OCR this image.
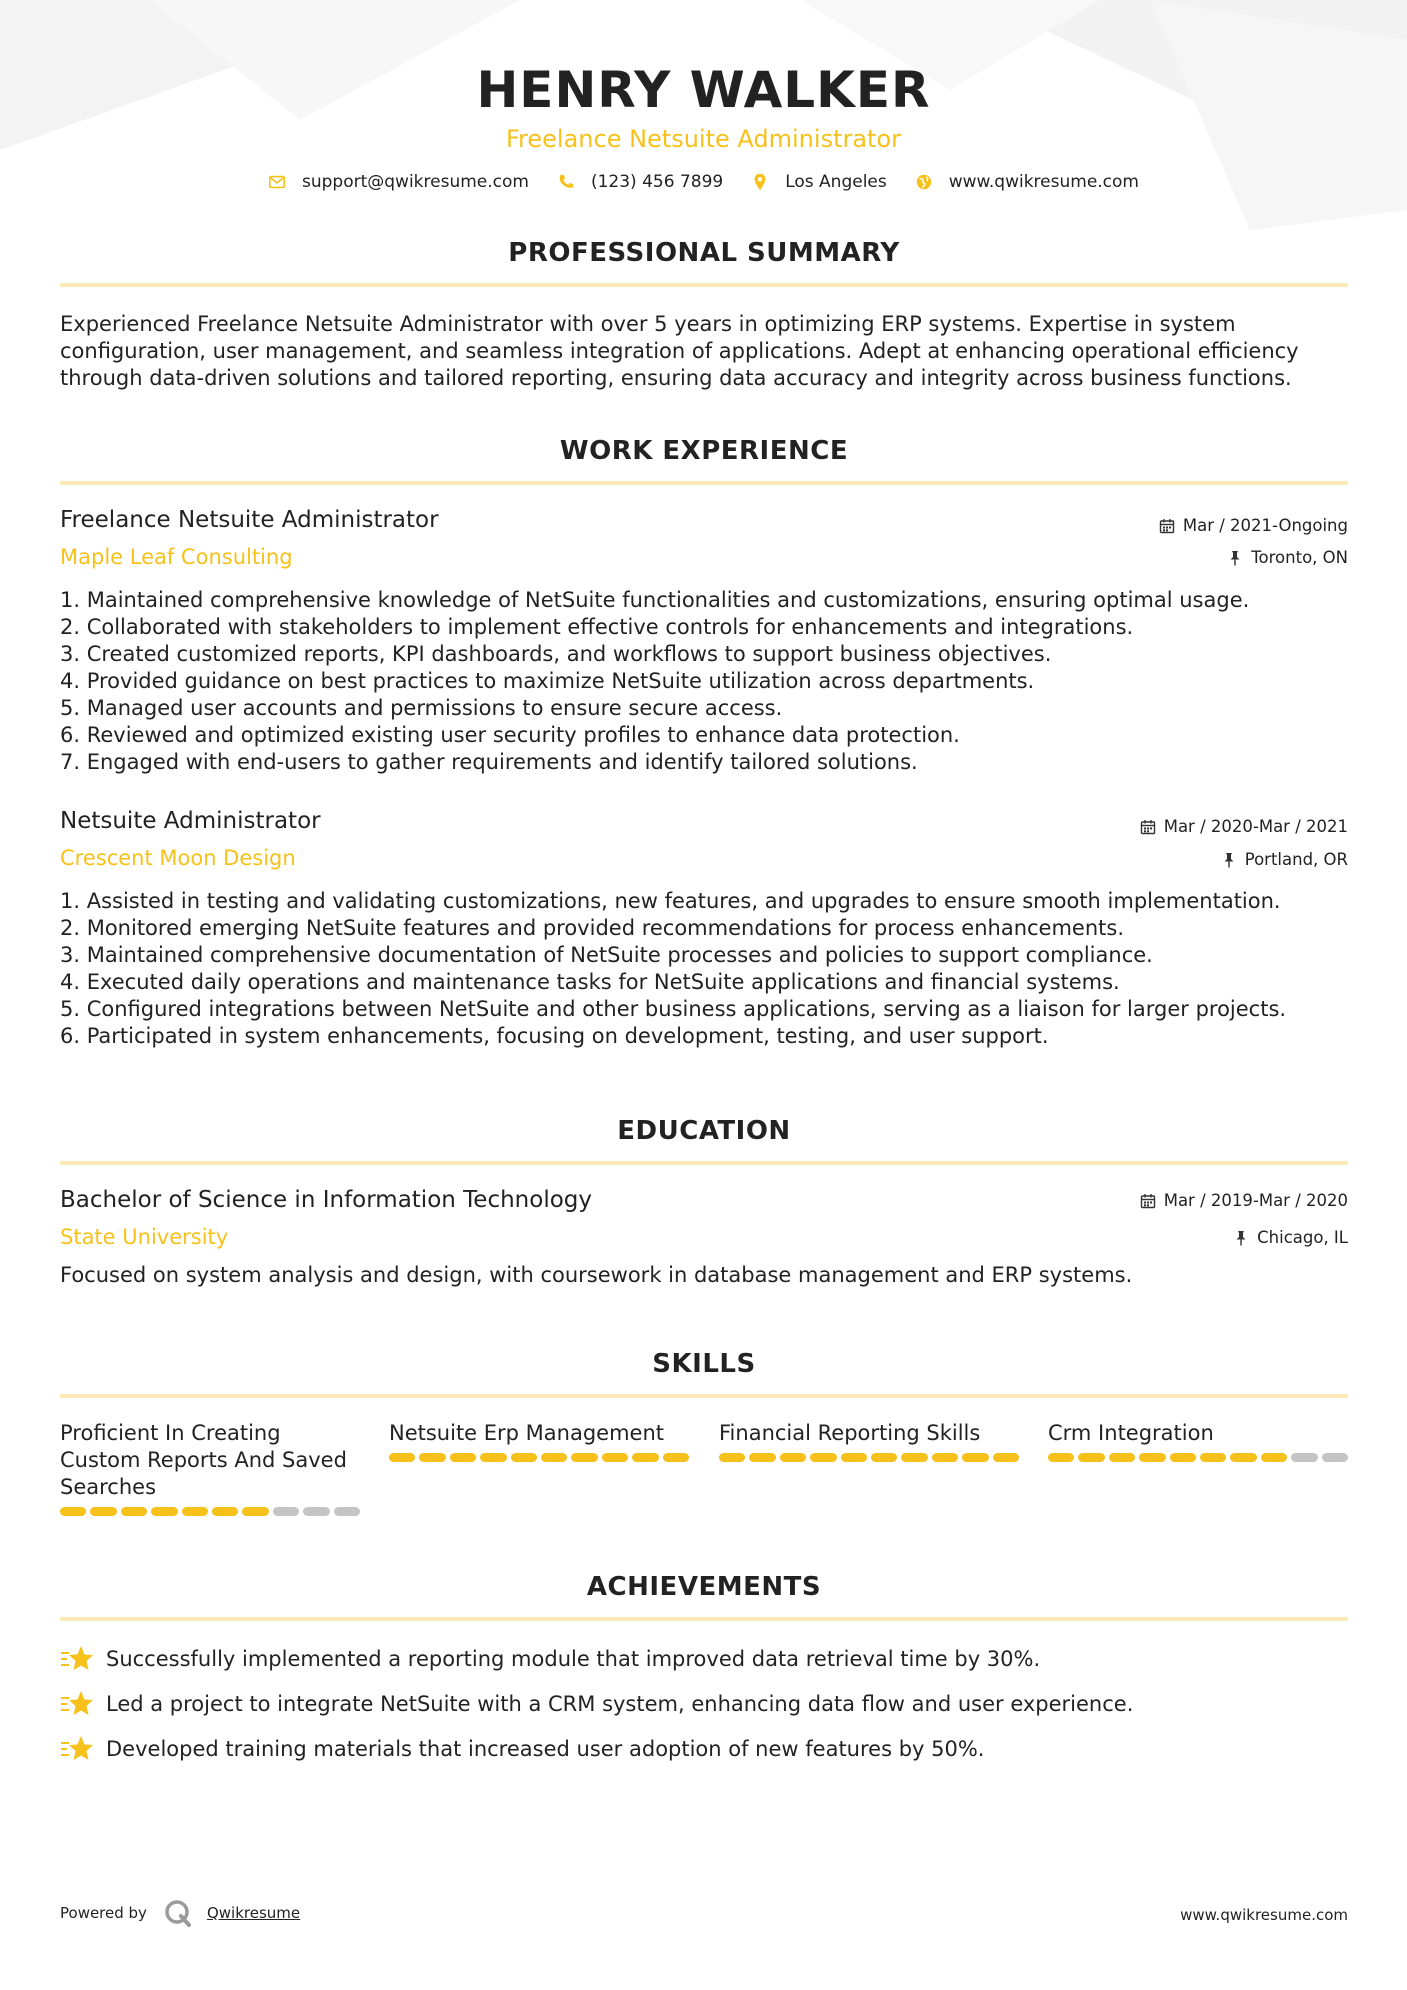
HENRY WALKER
Freelance Netsuite Administrator
support@qwikresume.com	(123) 456 7899	Los Angeles	www.qwikresume.com
PROFESSIONAL SUMMARY
Experienced Freelance Netsuite Administrator with over 5 years in optimizing ERP systems. Expertise in system
configuration, user management, and seamless integration of applications. Adept at enhancing operational efficiency
through data-driven solutions and tailored reporting, ensuring data accuracy and integrity across business functions.
WORK EXPERIENCE
Freelance Netsuite Administrator
Maple Leaf Consulting
Mar / 2021-Ongoing
Toronto, ON
1. Maintained comprehensive knowledge of NetSuite functionalities and customizations, ensuring optimal usage.
2. Collaborated with stakeholders to implement effective controls for enhancements and integrations.
3. Created customized reports, KPI dashboards, and workflows to support business objectives.
4. Provided guidance on best practices to maximize NetSuite utilization across departments.
5. Managed user accounts and permissions to ensure secure access.
6. Reviewed and optimized existing user security profiles to enhance data protection.
7. Engaged with end-users to gather requirements and identify tailored solutions.
Netsuite Administrator
Crescent Moon Design
Mar / 2020-Mar / 2021
Portland, OR
1. Assisted in testing and validating customizations, new features, and upgrades to ensure smooth implementation.
2. Monitored emerging NetSuite features and provided recommendations for process enhancements.
3. Maintained comprehensive documentation of NetSuite processes and policies to support compliance.
4. Executed daily operations and maintenance tasks for NetSuite applications and financial systems.
5. Configured integrations between NetSuite and other business applications, serving as a liaison for larger projects.
6. Participated in system enhancements, focusing on development, testing, and user support.
EDUCATION
Bachelor of Science in Information Technology
State University
Mar / 2019-Mar / 2020
Chicago, IL
Focused on system analysis and design, with coursework in database management and ERP systems.
SKILLS
Proficient In Creating
Custom Reports And Saved
Searches
Netsuite Erp Management	Financial Reporting Skills	Crm Integration
ACHIEVEMENTS
Successfully implemented a reporting module that improved data retrieval time by 30%.
Led a project to integrate NetSuite with a CRM system, enhancing data flow and user experience.
Developed training materials that increased user adoption of new features by 50%.
Powered by	Qwikresume	www.qwikresume.com
